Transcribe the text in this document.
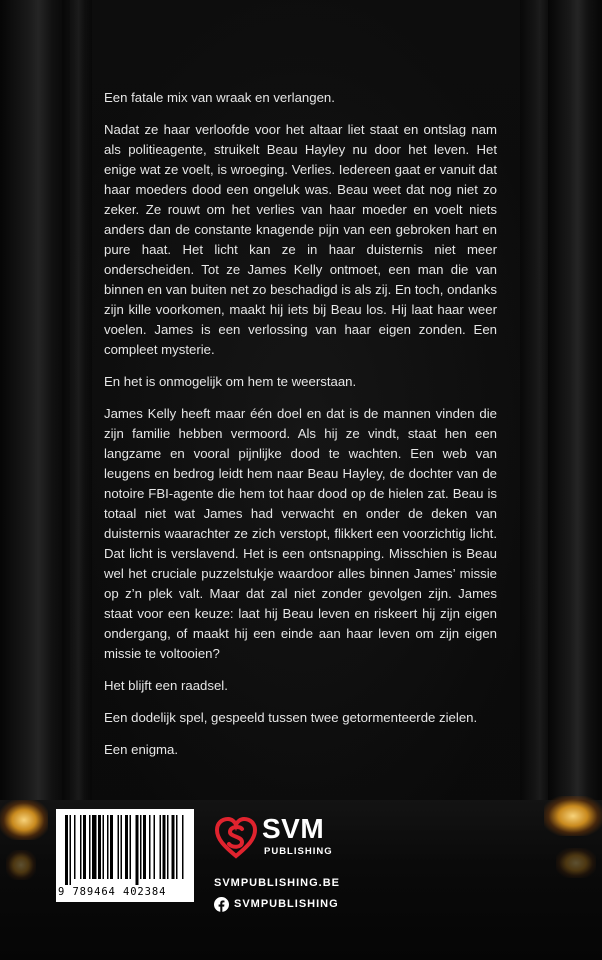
Een fatale mix van wraak en verlangen.

Nadat ze haar verloofde voor het altaar liet staat en ontslag nam als politieagente, struikelt Beau Hayley nu door het leven. Het enige wat ze voelt, is wroeging. Verlies. Iedereen gaat er vanuit dat haar moeders dood een ongeluk was. Beau weet dat nog niet zo zeker. Ze rouwt om het verlies van haar moeder en voelt niets anders dan de constante knagende pijn van een gebroken hart en pure haat. Het licht kan ze in haar duisternis niet meer onderscheiden. Tot ze James Kelly ontmoet, een man die van binnen en van buiten net zo beschadigd is als zij. En toch, ondanks zijn kille voorkomen, maakt hij iets bij Beau los. Hij laat haar weer voelen. James is een verlossing van haar eigen zonden. Een compleet mysterie.

En het is onmogelijk om hem te weerstaan.

James Kelly heeft maar één doel en dat is de mannen vinden die zijn familie hebben vermoord. Als hij ze vindt, staat hen een langzame en vooral pijnlijke dood te wachten. Een web van leugens en bedrog leidt hem naar Beau Hayley, de dochter van de notoire FBI-agente die hem tot haar dood op de hielen zat. Beau is totaal niet wat James had verwacht en onder de deken van duisternis waarachter ze zich verstopt, flikkert een voorzichtig licht. Dat licht is verslavend. Het is een ontsnapping. Misschien is Beau wel het cruciale puzzelstukje waardoor alles binnen James’ missie op z’n plek valt. Maar dat zal niet zonder gevolgen zijn. James staat voor een keuze: laat hij Beau leven en riskeert hij zijn eigen ondergang, of maakt hij een einde aan haar leven om zijn eigen missie te voltooien?

Het blijft een raadsel.

Een dodelijk spel, gespeeld tussen twee getormenteerde zielen.

Een enigma.

9 789464 402384
SVM
PUBLISHING
SVMPUBLISHING.BE
SVMPUBLISHING
